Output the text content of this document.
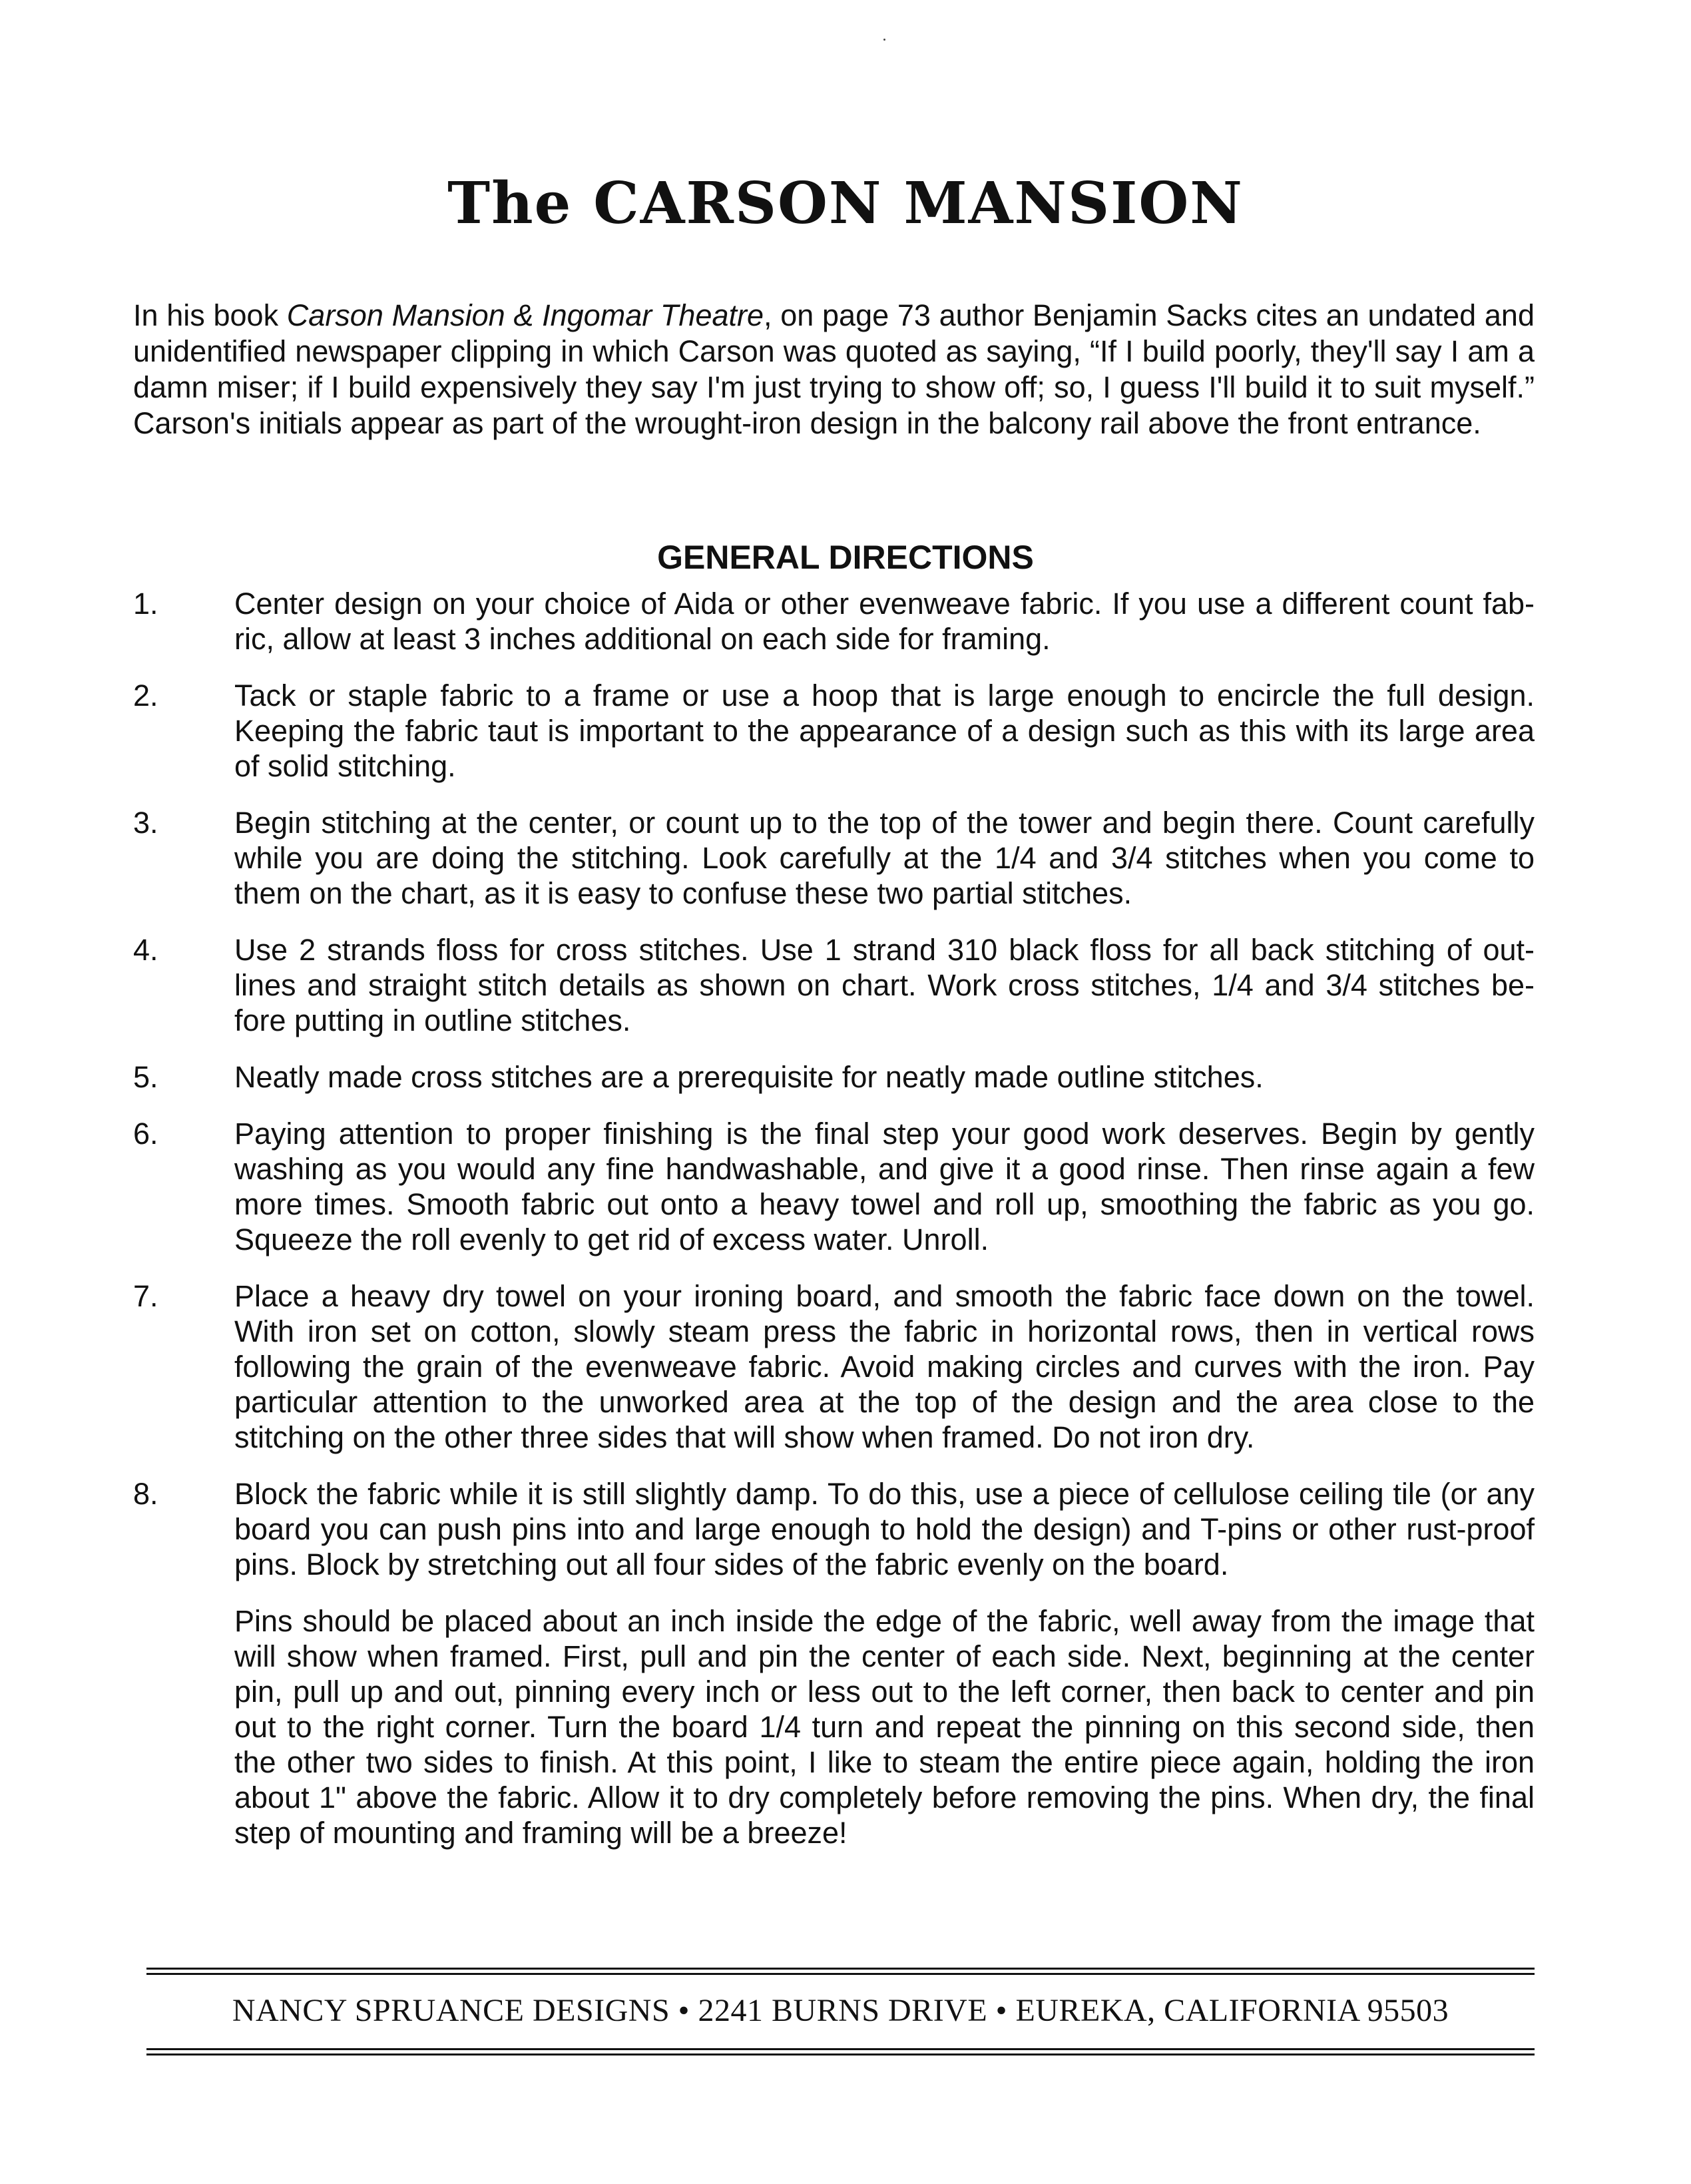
The CARSON MANSION

In his book Carson Mansion & Ingomar Theatre, on page 73 author Benjamin Sacks cites an undated and unidentified newspaper clipping in which Carson was quoted as saying, “If I build poorly, they'll say I am a damn miser; if I build expensively they say I'm just trying to show off; so, I guess I'll build it to suit myself.” Carson's initials appear as part of the wrought-iron design in the balcony rail above the front entrance.

GENERAL DIRECTIONS
1.	Center design on your choice of Aida or other evenweave fabric. If you use a different count fab-ric, allow at least 3 inches additional on each side for framing.
2.	Tack or staple fabric to a frame or use a hoop that is large enough to encircle the full design. Keeping the fabric taut is important to the appearance of a design such as this with its large area of solid stitching.
3.	Begin stitching at the center, or count up to the top of the tower and begin there. Count carefully while you are doing the stitching. Look carefully at the 1/4 and 3/4 stitches when you come to them on the chart, as it is easy to confuse these two partial stitches.
4.	Use 2 strands floss for cross stitches. Use 1 strand 310 black floss for all back stitching of out-lines and straight stitch details as shown on chart. Work cross stitches, 1/4 and 3/4 stitches be-fore putting in outline stitches.
5.	Neatly made cross stitches are a prerequisite for neatly made outline stitches.
6.	Paying attention to proper finishing is the final step your good work deserves. Begin by gently washing as you would any fine handwashable, and give it a good rinse. Then rinse again a few more times. Smooth fabric out onto a heavy towel and roll up, smoothing the fabric as you go. Squeeze the roll evenly to get rid of excess water. Unroll.
7.	Place a heavy dry towel on your ironing board, and smooth the fabric face down on the towel. With iron set on cotton, slowly steam press the fabric in horizontal rows, then in vertical rows following the grain of the evenweave fabric. Avoid making circles and curves with the iron. Pay particular attention to the unworked area at the top of the design and the area close to the stitching on the other three sides that will show when framed. Do not iron dry.
8.	Block the fabric while it is still slightly damp. To do this, use a piece of cellulose ceiling tile (or any board you can push pins into and large enough to hold the design) and T-pins or other rust-proof pins. Block by stretching out all four sides of the fabric evenly on the board.
Pins should be placed about an inch inside the edge of the fabric, well away from the image that will show when framed. First, pull and pin the center of each side. Next, beginning at the center pin, pull up and out, pinning every inch or less out to the left corner, then back to center and pin out to the right corner. Turn the board 1/4 turn and repeat the pinning on this second side, then the other two sides to finish. At this point, I like to steam the entire piece again, holding the iron about 1" above the fabric. Allow it to dry completely before removing the pins. When dry, the final step of mounting and framing will be a breeze!
NANCY SPRUANCE DESIGNS • 2241 BURNS DRIVE • EUREKA, CALIFORNIA 95503
